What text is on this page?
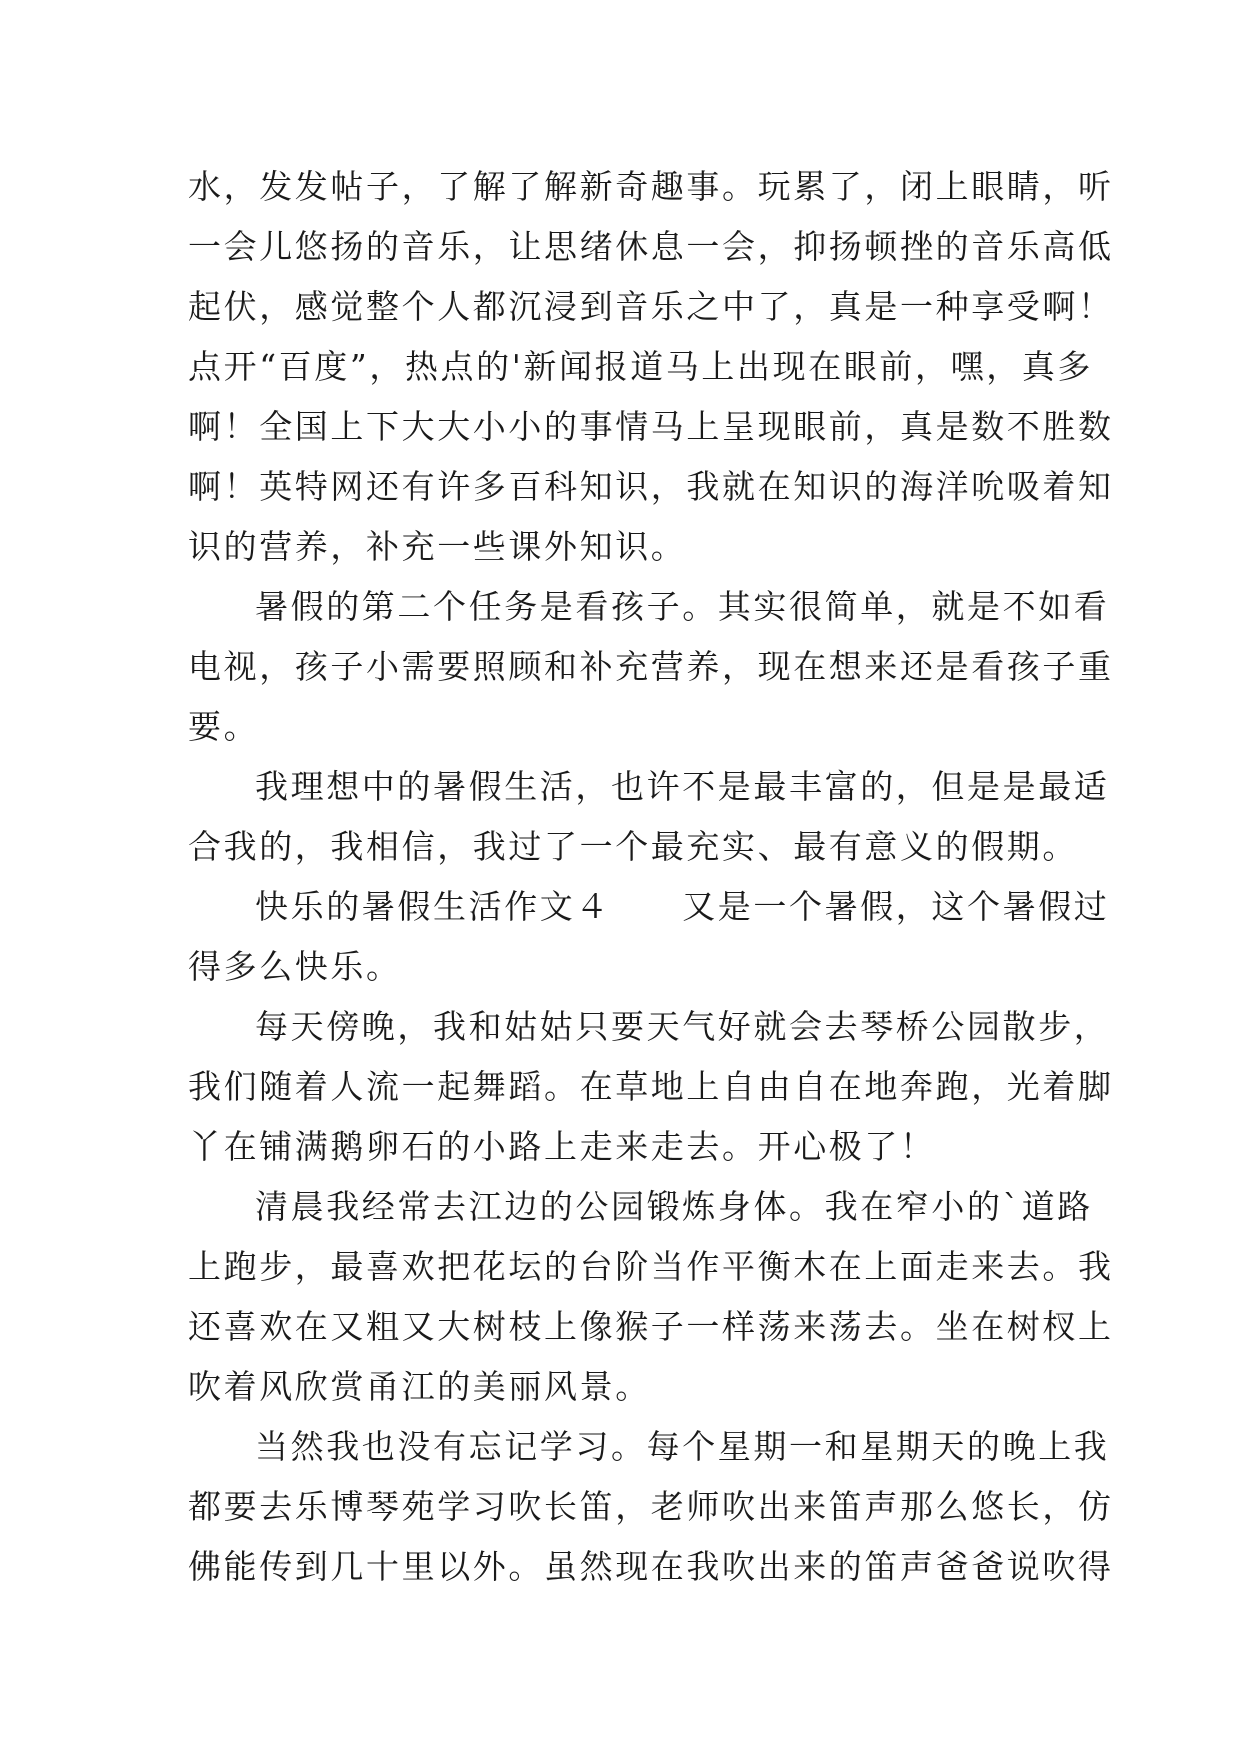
水，发发帖子，了解了解新奇趣事。玩累了，闭上眼睛，听
一会儿悠扬的音乐，让思绪休息一会，抑扬顿挫的音乐高低
起伏，感觉整个人都沉浸到音乐之中了，真是一种享受啊！
点开“百度”，热点的'新闻报道马上出现在眼前，嘿，真多
啊！全国上下大大小小的事情马上呈现眼前，真是数不胜数
啊！英特网还有许多百科知识，我就在知识的海洋吮吸着知
识的营养，补充一些课外知识。
暑假的第二个任务是看孩子。其实很简单，就是不如看
电视，孩子小需要照顾和补充营养，现在想来还是看孩子重
要。
我理想中的暑假生活，也许不是最丰富的，但是是最适
合我的，我相信，我过了一个最充实、最有意义的假期。
快乐的暑假生活作文４　　又是一个暑假，这个暑假过
得多么快乐。
每天傍晚，我和姑姑只要天气好就会去琴桥公园散步，
我们随着人流一起舞蹈。在草地上自由自在地奔跑，光着脚
丫在铺满鹅卵石的小路上走来走去。开心极了！
清晨我经常去江边的公园锻炼身体。我在窄小的`道路
上跑步，最喜欢把花坛的台阶当作平衡木在上面走来去。我
还喜欢在又粗又大树枝上像猴子一样荡来荡去。坐在树杈上
吹着风欣赏甬江的美丽风景。
当然我也没有忘记学习。每个星期一和星期天的晚上我
都要去乐博琴苑学习吹长笛，老师吹出来笛声那么悠长，仿
佛能传到几十里以外。虽然现在我吹出来的笛声爸爸说吹得
